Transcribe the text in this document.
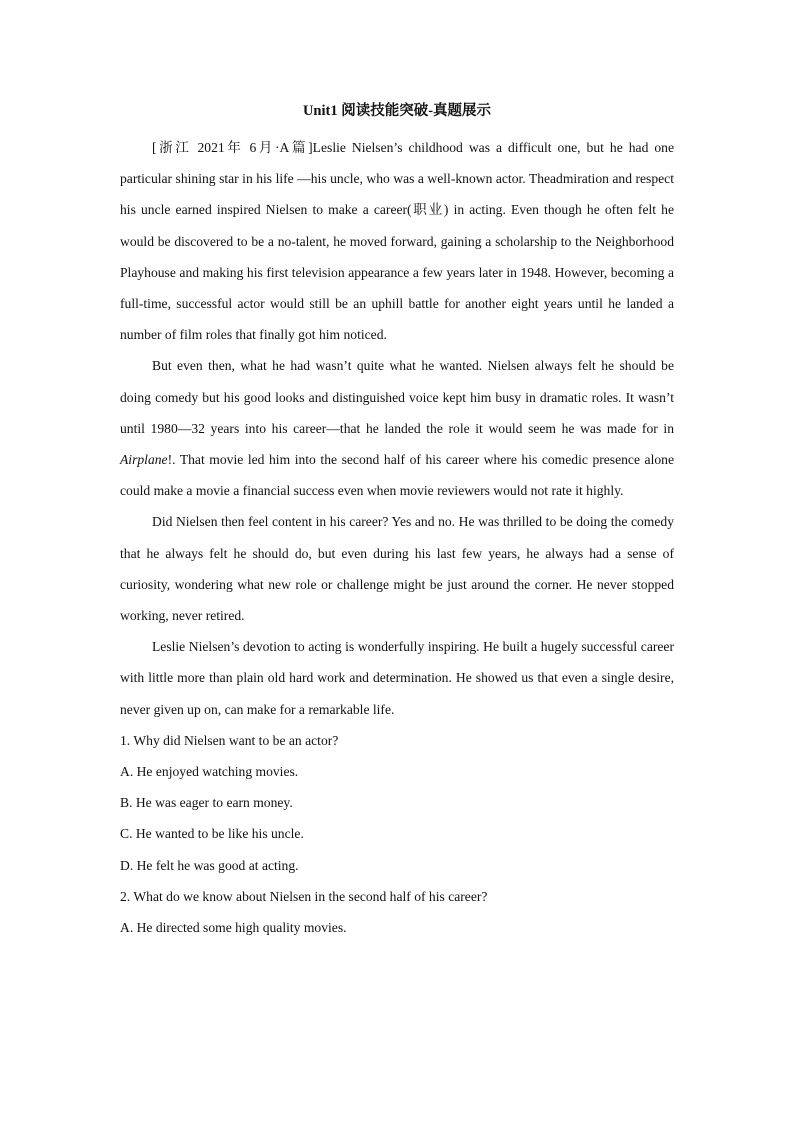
Unit1 阅读技能突破-真题展示

[浙江 2021年 6月·A篇]Leslie Nielsen’s childhood was a difficult one, but he had one particular shining star in his life —his uncle, who was a well-known actor. Theadmiration and respect his uncle earned inspired Nielsen to make a career(职业) in acting. Even though he often felt he would be discovered to be a no-talent, he moved forward, gaining a scholarship to the Neighborhood Playhouse and making his first television appearance a few years later in 1948. However, becoming a full-time, successful actor would still be an uphill battle for another eight years until he landed a number of film roles that finally got him noticed.

But even then, what he had wasn’t quite what he wanted. Nielsen always felt he should be doing comedy but his good looks and distinguished voice kept him busy in dramatic roles. It wasn’t until 1980—32 years into his career—that he landed the role it would seem he was made for in Airplane!. That movie led him into the second half of his career where his comedic presence alone could make a movie a financial success even when movie reviewers would not rate it highly.

Did Nielsen then feel content in his career? Yes and no. He was thrilled to be doing the comedy that he always felt he should do, but even during his last few years, he always had a sense of curiosity, wondering what new role or challenge might be just around the corner. He never stopped working, never retired.

Leslie Nielsen’s devotion to acting is wonderfully inspiring. He built a hugely successful career with little more than plain old hard work and determination. He showed us that even a single desire, never given up on, can make for a remarkable life.

1. Why did Nielsen want to be an actor?

A. He enjoyed watching movies.

B. He was eager to earn money.

C. He wanted to be like his uncle.

D. He felt he was good at acting.

2. What do we know about Nielsen in the second half of his career?

A. He directed some high quality movies.
